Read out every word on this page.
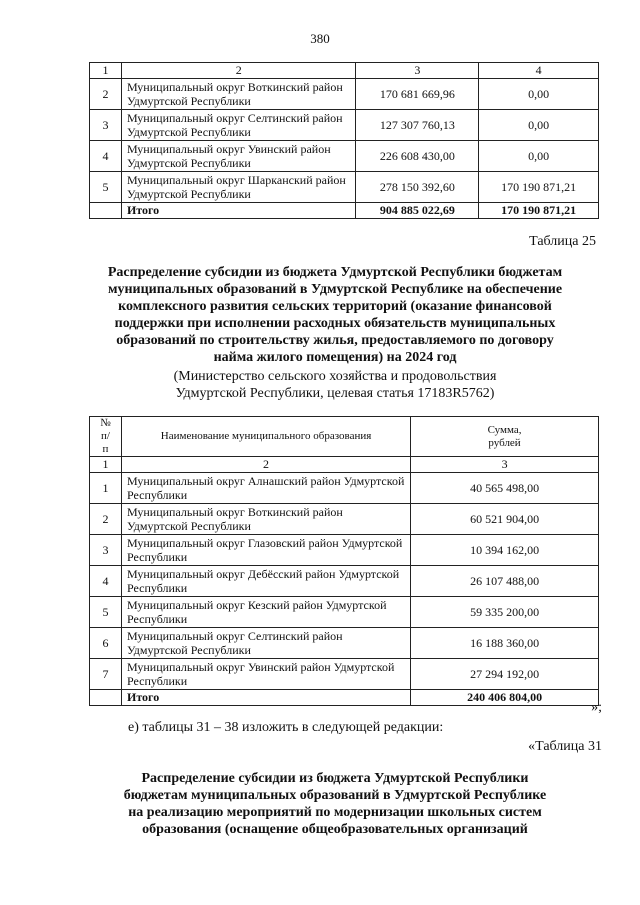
380
1	2	3	4
2	Муниципальный округ Воткинский район Удмуртской Республики	170 681 669,96	0,00
3	Муниципальный округ Селтинский район Удмуртской Республики	127 307 760,13	0,00
4	Муниципальный округ Увинский район Удмуртской Республики	226 608 430,00	0,00
5	Муниципальный округ Шарканский район Удмуртской Республики	278 150 392,60	170 190 871,21
	Итого	904 885 022,69	170 190 871,21
Таблица 25
Распределение субсидии из бюджета Удмуртской Республики бюджетам
муниципальных образований в Удмуртской Республике на обеспечение
комплексного развития сельских территорий (оказание финансовой
поддержки при исполнении расходных обязательств муниципальных
образований по строительству жилья, предоставляемого по договору
найма жилого помещения) на 2024 год
(Министерство сельского хозяйства и продовольствия
Удмуртской Республики, целевая статья 17183R5762)
№ п/п	Наименование муниципального образования	Сумма, рублей
1	2	3
1	Муниципальный округ Алнашский район Удмуртской Республики	40 565 498,00
2	Муниципальный округ Воткинский район Удмуртской Республики	60 521 904,00
3	Муниципальный округ Глазовский район Удмуртской Республики	10 394 162,00
4	Муниципальный округ Дебёсский район Удмуртской Республики	26 107 488,00
5	Муниципальный округ Кезский район Удмуртской Республики	59 335 200,00
6	Муниципальный округ Селтинский район Удмуртской Республики	16 188 360,00
7	Муниципальный округ Увинский район Удмуртской Республики	27 294 192,00
	Итого	240 406 804,00
»;
е) таблицы 31 – 38 изложить в следующей редакции:
«Таблица 31
Распределение субсидии из бюджета Удмуртской Республики
бюджетам муниципальных образований в Удмуртской Республике
на реализацию мероприятий по модернизации школьных систем
образования (оснащение общеобразовательных организаций
